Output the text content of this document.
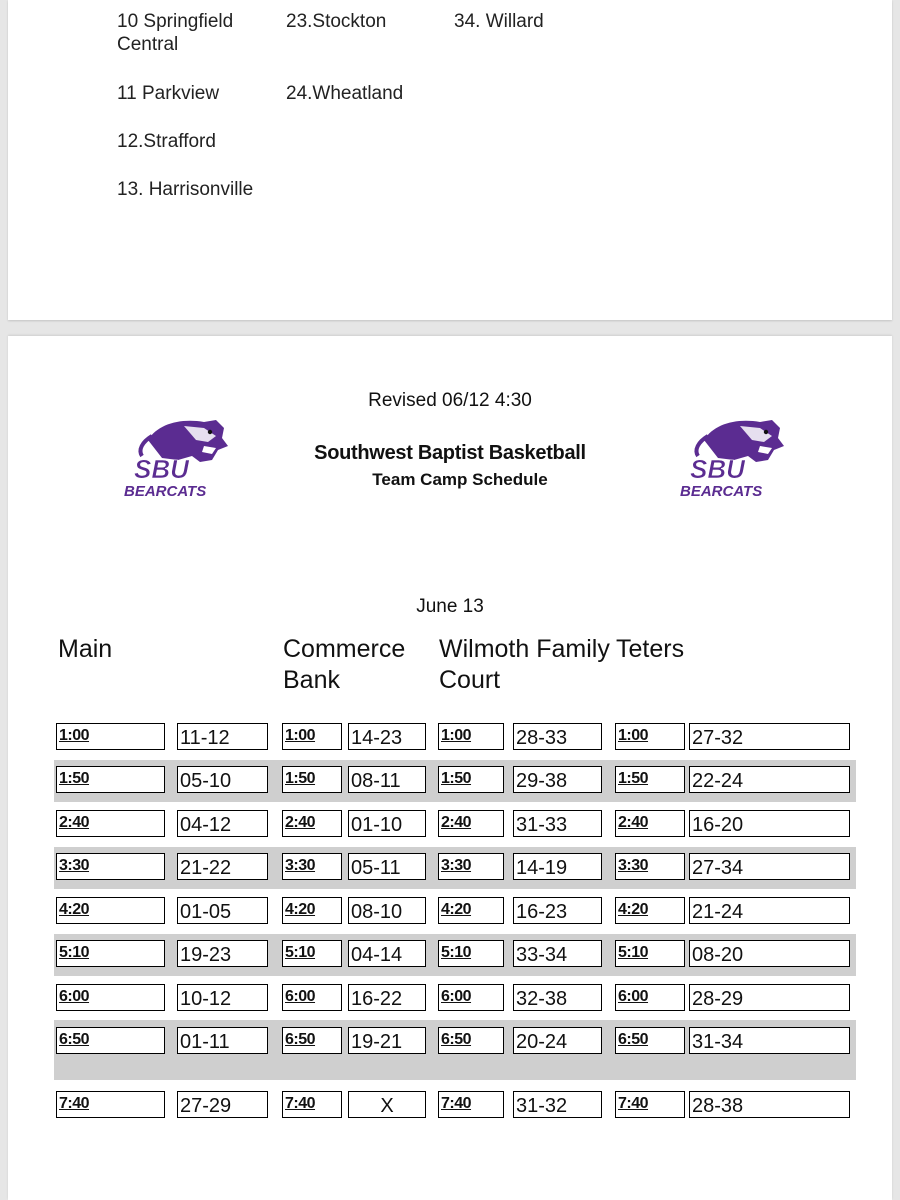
10 Springfield Central
11 Parkview
12.Strafford
13. Harrisonville
23.Stockton
24.Wheatland
34. Willard
Revised 06/12 4:30
SBU
BEARCATS
SBU
BEARCATS
Southwest Baptist Basketball
Team Camp Schedule
June 13
Main	Commerce Bank
Wilmoth Family Court
Teters
1:00	11-12	1:00	14-23	1:00	28-33	1:00	27-32
1:50	05-10	1:50	08-11	1:50	29-38	1:50	22-24
2:40	04-12	2:40	01-10	2:40	31-33	2:40	16-20
3:30	21-22	3:30	05-11	3:30	14-19	3:30	27-34
4:20	01-05	4:20	08-10	4:20	16-23	4:20	21-24
5:10	19-23	5:10	04-14	5:10	33-34	5:10	08-20
6:00	10-12	6:00	16-22	6:00	32-38	6:00	28-29
6:50	01-11	6:50	19-21	6:50	20-24	6:50	31-34
7:40	27-29	7:40	X	7:40	31-32	7:40	28-38
